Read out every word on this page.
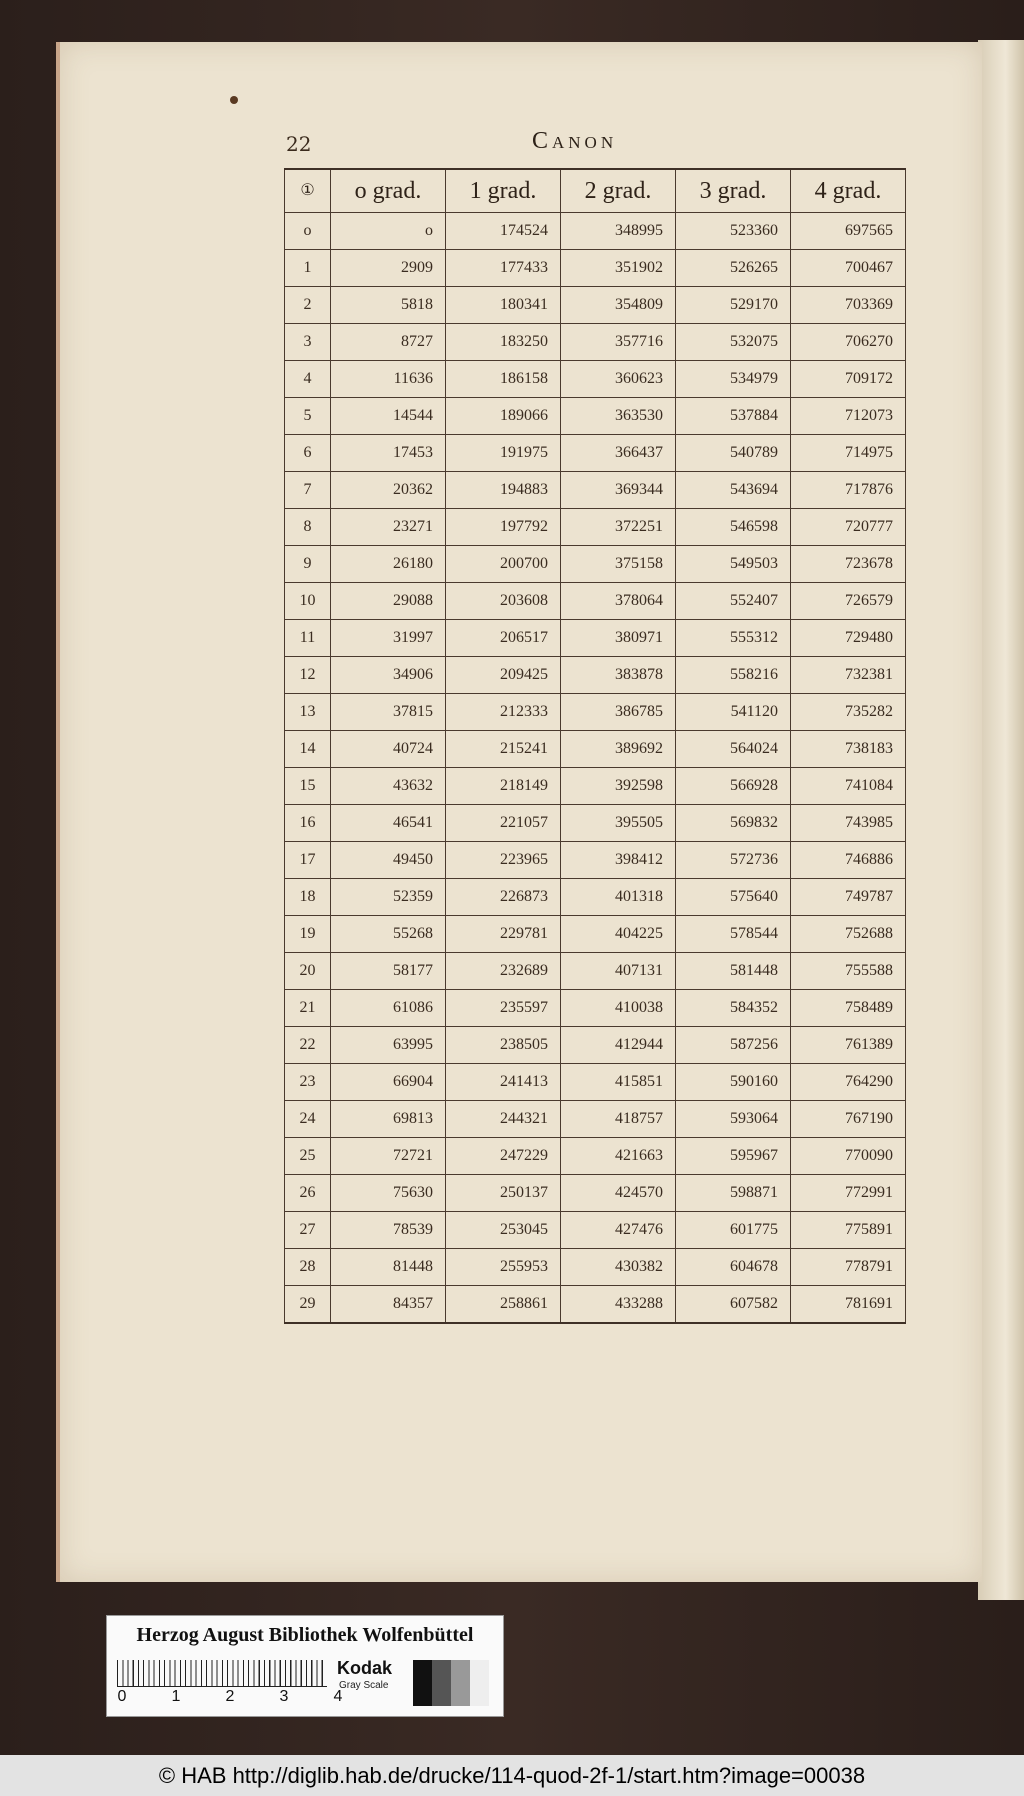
22	Canon
①	o grad.	1 grad.	2 grad.	3 grad.	4 grad.
o	o	174524	348995	523360	697565
1	2909	177433	351902	526265	700467
2	5818	180341	354809	529170	703369
3	8727	183250	357716	532075	706270
4	11636	186158	360623	534979	709172
5	14544	189066	363530	537884	712073
6	17453	191975	366437	540789	714975
7	20362	194883	369344	543694	717876
8	23271	197792	372251	546598	720777
9	26180	200700	375158	549503	723678
10	29088	203608	378064	552407	726579
11	31997	206517	380971	555312	729480
12	34906	209425	383878	558216	732381
13	37815	212333	386785	541120	735282
14	40724	215241	389692	564024	738183
15	43632	218149	392598	566928	741084
16	46541	221057	395505	569832	743985
17	49450	223965	398412	572736	746886
18	52359	226873	401318	575640	749787
19	55268	229781	404225	578544	752688
20	58177	232689	407131	581448	755588
21	61086	235597	410038	584352	758489
22	63995	238505	412944	587256	761389
23	66904	241413	415851	590160	764290
24	69813	244321	418757	593064	767190
25	72721	247229	421663	595967	770090
26	75630	250137	424570	598871	772991
27	78539	253045	427476	601775	775891
28	81448	255953	430382	604678	778791
29	84357	258861	433288	607582	781691
Herzog August Bibliothek Wolfenbüttel
0	1	2	3	4
Kodak
Gray Scale
© HAB http://diglib.hab.de/drucke/114-quod-2f-1/start.htm?image=00038
